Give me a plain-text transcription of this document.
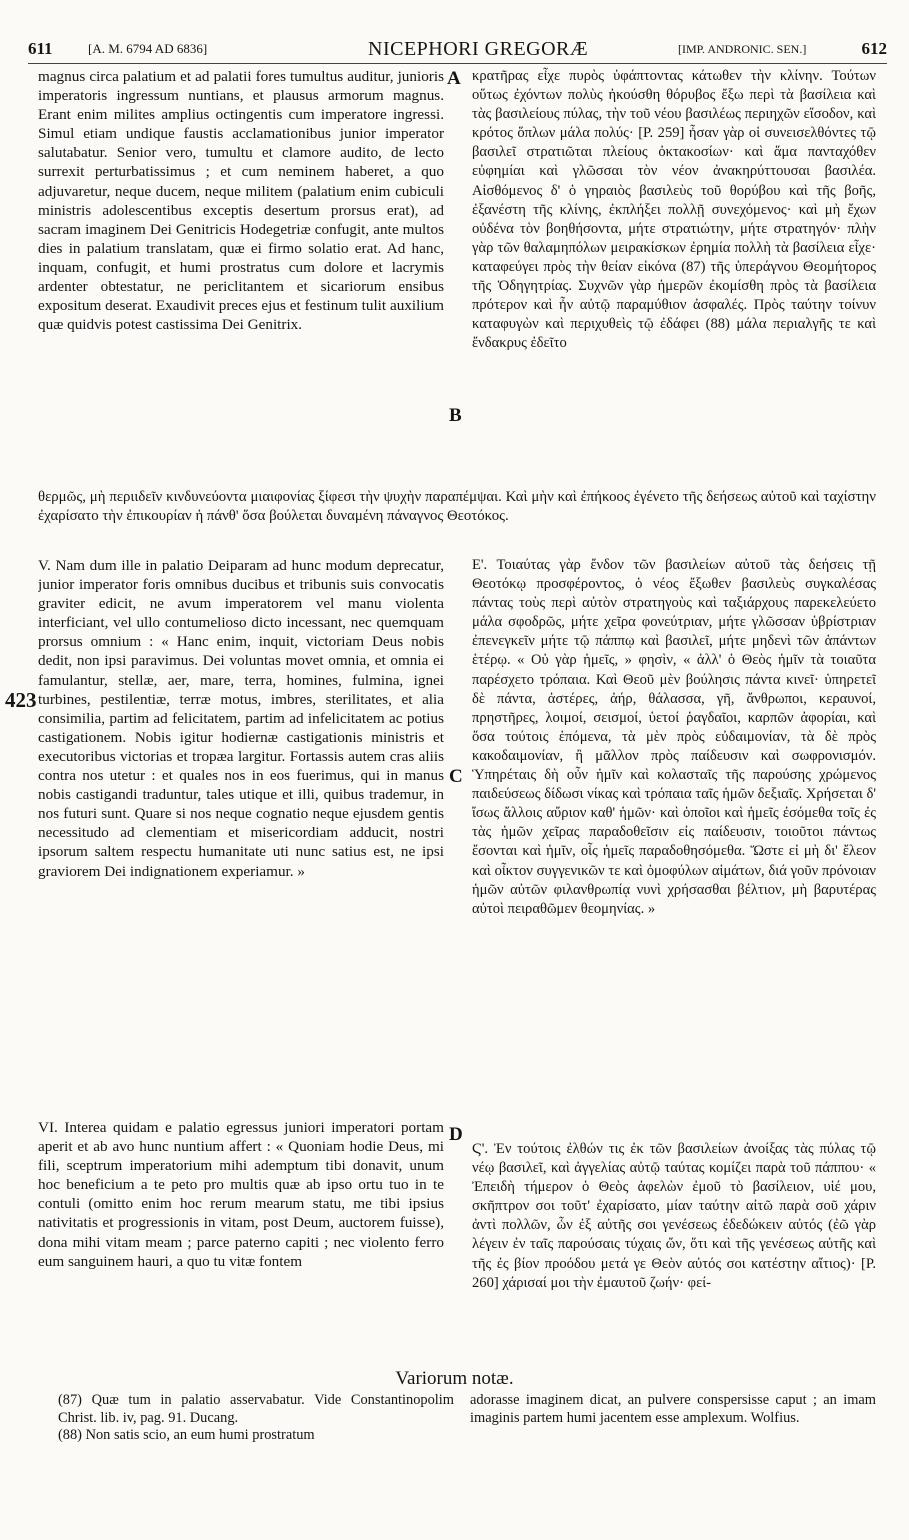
611	[A. M. 6794 AD 6836]	NICEPHORI GREGORÆ	[IMP. ANDRONIC. SEN.]	612
A
B
C
D
423
magnus circa palatium et ad palatii fores tumultus auditur, junioris imperatoris ingressum nuntians, et plausus armorum magnus. Erant enim milites amplius octingentis cum imperatore ingressi. Simul etiam undique faustis acclamationibus junior imperator salutabatur. Senior vero, tumultu et clamore audito, de lecto surrexit perturbatissimus ; et cum neminem haberet, a quo adjuvaretur, neque ducem, neque militem (palatium enim cubiculi ministris adolescentibus exceptis desertum prorsus erat), ad sacram imaginem Dei Genitricis Hodegetriæ confugit, ante multos dies in palatium translatam, quæ ei firmo solatio erat. Ad hanc, inquam, confugit, et humi prostratus cum dolore et lacrymis ardenter obtestatur, ne periclitantem et sicariorum ensibus expositum deserat. Exaudivit preces ejus et festinum tulit auxilium quæ quidvis potest castissima Dei Genitrix.
κρατῆρας εἶχε πυρὸς ὑφάπτοντας κάτωθεν τὴν κλίνην. Τούτων οὕτως ἐχόντων πολὺς ἠκούσθη θόρυβος ἔξω περὶ τὰ βασίλεια καὶ τὰς βασιλείους πύλας, τὴν τοῦ νέου βασιλέως περιηχῶν εἴσοδον, καὶ κρότος ὅπλων μάλα πολύς· [P. 259] ἦσαν γὰρ οἱ συνεισελθόντες τῷ βασιλεῖ στρατιῶται πλείους ὀκτακοσίων· καὶ ἅμα πανταχόθεν εὐφημίαι καὶ γλῶσσαι τὸν νέον ἀνακηρύττουσαι βασιλέα. Αἰσθόμενος δ' ὁ γηραιὸς βασιλεὺς τοῦ θορύβου καὶ τῆς βοῆς, ἐξανέστη τῆς κλίνης, ἐκπλήξει πολλῇ συνεχόμενος· καὶ μὴ ἔχων οὐδένα τὸν βοηθήσοντα, μήτε στρατιώτην, μήτε στρατηγόν· πλὴν γὰρ τῶν θαλαμηπόλων μειρακίσκων ἐρημία πολλὴ τὰ βασίλεια εἶχε· καταφεύγει πρὸς τὴν θείαν εἰκόνα (87) τῆς ὑπεράγνου Θεομήτορος τῆς Ὁδηγητρίας. Συχνῶν γὰρ ἡμερῶν ἐκομίσθη πρὸς τὰ βασίλεια πρότερον καὶ ἦν αὐτῷ παραμύθιον ἀσφαλές. Πρὸς ταύτην τοίνυν καταφυγὼν καὶ περιχυθεὶς τῷ ἐδάφει (88) μάλα περιαλγῆς τε καὶ ἔνδακρυς ἐδεῖτο
θερμῶς, μὴ περιιδεῖν κινδυνεύοντα μιαιφονίας ξίφεσι τὴν ψυχὴν παραπέμψαι. Καὶ μὴν καὶ ἐπήκοος ἐγένετο τῆς δεήσεως αὐτοῦ καὶ ταχίστην ἐχαρίσατο τὴν ἐπικουρίαν ἡ πάνθ' ὅσα βούλεται δυναμένη πάναγνος Θεοτόκος.
V. Nam dum ille in palatio Deiparam ad hunc modum deprecatur, junior imperator foris omnibus ducibus et tribunis suis convocatis graviter edicit, ne avum imperatorem vel manu violenta interficiant, vel ullo contumelioso dicto incessant, nec quemquam prorsus omnium : « Hanc enim, inquit, victoriam Deus nobis dedit, non ipsi paravimus. Dei voluntas movet omnia, et omnia ei famulantur, stellæ, aer, mare, terra, homines, fulmina, ignei turbines, pestilentiæ, terræ motus, imbres, sterilitates, et alia consimilia, partim ad felicitatem, partim ad infelicitatem ac potius castigationem. Nobis igitur hodiernæ castigationis ministris et executoribus victorias et tropæa largitur. Fortassis autem cras aliis contra nos utetur : et quales nos in eos fuerimus, qui in manus nobis castigandi traduntur, tales utique et illi, quibus trademur, in nos futuri sunt. Quare si nos neque cognatio neque ejusdem gentis necessitudo ad clementiam et misericordiam adducit, nostri ipsorum saltem respectu humanitate uti nunc satius est, ne ipsi graviorem Dei indignationem experiamur. »
Ε'. Τοιαύτας γὰρ ἔνδον τῶν βασιλείων αὐτοῦ τὰς δεήσεις τῇ Θεοτόκῳ προσφέροντος, ὁ νέος ἔξωθεν βασιλεὺς συγκαλέσας πάντας τοὺς περὶ αὐτὸν στρατηγοὺς καὶ ταξιάρχους παρεκελεύετο μάλα σφοδρῶς, μήτε χεῖρα φονεύτριαν, μήτε γλῶσσαν ὑβρίστριαν ἐπενεγκεῖν μήτε τῷ πάππῳ καὶ βασιλεῖ, μήτε μηδενὶ τῶν ἁπάντων ἑτέρῳ. « Οὐ γὰρ ἡμεῖς, » φησὶν, « ἀλλ' ὁ Θεὸς ἡμῖν τὰ τοιαῦτα παρέσχετο τρόπαια. Καὶ Θεοῦ μὲν βούλησις πάντα κινεῖ· ὑπηρετεῖ δὲ πάντα, ἀστέρες, ἀήρ, θάλασσα, γῆ, ἄνθρωποι, κεραυνοί, πρηστῆρες, λοιμοί, σεισμοί, ὑετοί ῥαγδαῖοι, καρπῶν ἀφορίαι, καὶ ὅσα τούτοις ἑπόμενα, τὰ μὲν πρὸς εὐδαιμονίαν, τὰ δὲ πρὸς κακοδαιμονίαν, ἢ μᾶλλον πρὸς παίδευσιν καὶ σωφρονισμόν. Ὑπηρέταις δὴ οὖν ἡμῖν καὶ κολασταῖς τῆς παρούσης χρώμενος παιδεύσεως δίδωσι νίκας καὶ τρόπαια ταῖς ἡμῶν δεξιαῖς. Χρήσεται δ' ἴσως ἄλλοις αὔριον καθ' ἡμῶν· καὶ ὁποῖοι καὶ ἡμεῖς ἐσόμεθα τοῖς ἐς τὰς ἡμῶν χεῖρας παραδοθεῖσιν εἰς παίδευσιν, τοιοῦτοι πάντως ἔσονται καὶ ἡμῖν, οἷς ἡμεῖς παραδοθησόμεθα. Ὥστε εἰ μὴ δι' ἔλεον καὶ οἶκτον συγγενικῶν τε καὶ ὁμοφύλων αἱμάτων, διά γοῦν πρόνοιαν ἡμῶν αὐτῶν φιλανθρωπίᾳ νυνὶ χρήσασθαι βέλτιον, μὴ βαρυτέρας αὐτοὶ πειραθῶμεν θεομηνίας. »
VI. Interea quidam e palatio egressus juniori imperatori portam aperit et ab avo hunc nuntium affert : « Quoniam hodie Deus, mi fili, sceptrum imperatorium mihi ademptum tibi donavit, unum hoc beneficium a te peto pro multis quæ ab ipso ortu tuo in te contuli (omitto enim hoc rerum mearum statu, me tibi ipsius nativitatis et progressionis in vitam, post Deum, auctorem fuisse), dona mihi vitam meam ; parce paterno capiti ; nec violento ferro eum sanguinem hauri, a quo tu vitæ fontem
Ϛ'. Ἐν τούτοις ἐλθών τις ἐκ τῶν βασιλείων ἀνοίξας τὰς πύλας τῷ νέῳ βασιλεῖ, καὶ ἀγγελίας αὐτῷ ταύτας κομίζει παρὰ τοῦ πάππου· « Ἐπειδὴ τήμερον ὁ Θεὸς ἀφελὼν ἐμοῦ τὸ βασίλειον, υἱέ μου, σκῆπτρον σοι τοῦτ' ἐχαρίσατο, μίαν ταύτην αἰτῶ παρὰ σοῦ χάριν ἀντὶ πολλῶν, ὧν ἐξ αὐτῆς σοι γενέσεως ἐδεδώκειν αὐτός (ἐῶ γὰρ λέγειν ἐν ταῖς παρούσαις τύχαις ὤν, ὅτι καὶ τῆς γενέσεως αὐτῆς καὶ τῆς ἐς βίον προόδου μετά γε Θεὸν αὐτός σοι κατέστην αἴτιος)· [P. 260] χάρισαί μοι τὴν ἐμαυτοῦ ζωήν· φεί-
Variorum notæ.
(87) Quæ tum in palatio asservabatur. Vide Constantinopolim Christ. lib. iv, pag. 91. Ducang.
(88) Non satis scio, an eum humi prostratum
adorasse imaginem dicat, an pulvere conspersisse caput ; an imam imaginis partem humi jacentem esse amplexum. Wolfius.
